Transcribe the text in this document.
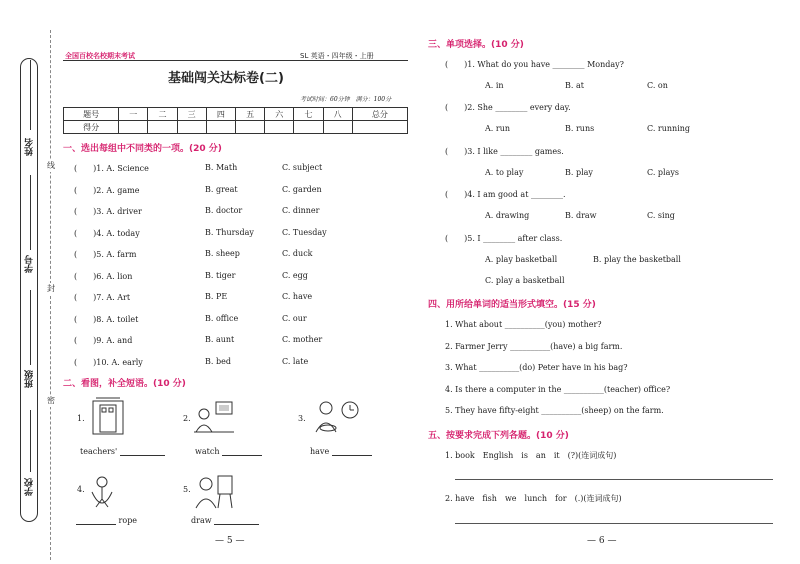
姓名
线
学号
封
班级
密
学校
全国百校名校期末考试	SL 英语・四年级・上册
基础闯关达标卷(二)
考试时间：60分钟　满分：100分
题号	一	二	三	四	五	六	七	八	总分
得分									
一、选出每组中不同类的一项。(20 分)
(　　)1. A. Science	B. Math	C. subject
(　　)2. A. game	B. great	C. garden
(　　)3. A. driver	B. doctor	C. dinner
(　　)4. A. today	B. Thursday	C. Tuesday
(　　)5. A. farm	B. sheep	C. duck
(　　)6. A. lion	B. tiger	C. egg
(　　)7. A. Art	B. PE	C. have
(　　)8. A. toilet	B. office	C. our
(　　)9. A. and	B. aunt	C. mother
(　　)10. A. early	B. bed	C. late
二、看图，补全短语。(10 分)
1.
teachers'
2.
watch
3.
have
4.
rope
5.
draw
— 5 —
三、单项选择。(10 分)
(　　)1. What do you have ________ Monday?
A. in	B. at	C. on
(　　)2. She ________ every day.
A. run	B. runs	C. running
(　　)3. I like ________ games.
A. to play	B. play	C. plays
(　　)4. I am good at ________.
A. drawing	B. draw	C. sing
(　　)5. I ________ after class.
A. play basketball	B. play the basketball
C. play a basketball
四、用所给单词的适当形式填空。(15 分)
1. What about __________(you) mother?
2. Farmer Jerry __________(have) a big farm.
3. What __________(do) Peter have in his bag?
4. Is there a computer in the __________(teacher) office?
5. They have fifty-eight __________(sheep) on the farm.
五、按要求完成下列各题。(10 分)
1. book　English　is　an　it　(?)(连词成句)
2. have　fish　we　lunch　for　(.)(连词成句)
— 6 —
